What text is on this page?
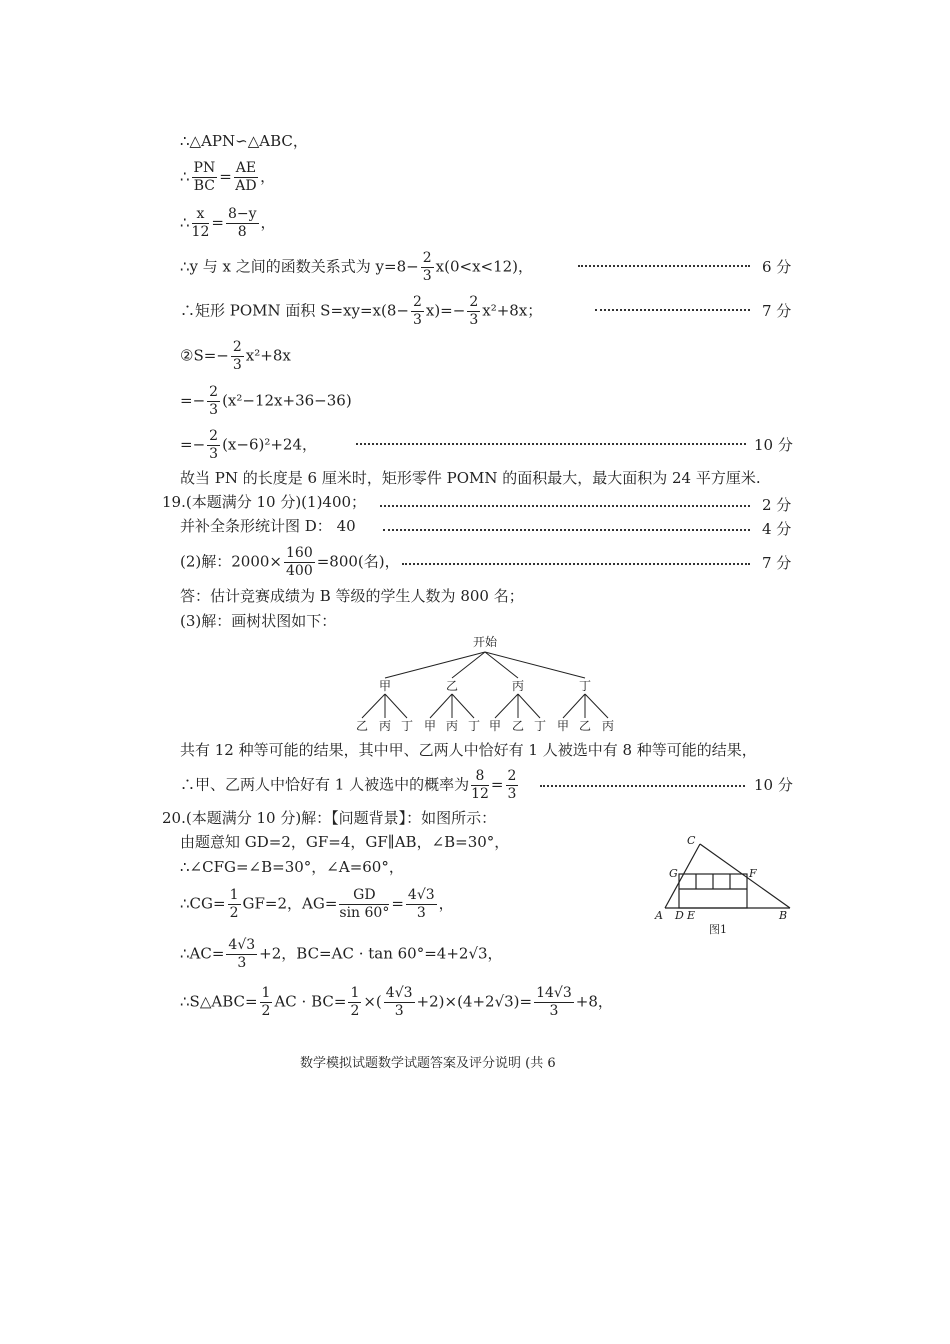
∴△APN∽△ABC，
∴ $\frac{PN}{BC} = \frac{AE}{AD}$ ，
∴ $\frac{x}{12} = \frac{8-y}{8}$ ，
∴y 与 x 之间的函数关系式为 $y=8- \frac{2}{3} x(0<x<12)$，	6 分
∴矩形 POMN 面积 $S=xy=x(8- \frac{2}{3} x)=- \frac{2}{3} x^2+8x$；	7 分
②S=− $\frac{2}{3} x^2+8x$
=− $\frac{2}{3} (x^2-12x+36-36)$
=− $\frac{2}{3} (x-6)^2+24$，	10 分
故当 PN 的长度是 6 厘米时，矩形零件 POMN 的面积最大，最大面积为 24 平方厘米.
19.(本题满分 10 分)(1)400；	2 分
并补全条形统计图 D： 40	4 分
(2)解：$2000\times \frac{160}{400} =800$(名)，	7 分
答：估计竞赛成绩为 B 等级的学生人数为 800 名；
(3)解：画树状图如下：
开始
甲	乙	丙	丁
乙 丙 丁 甲 丙 丁 甲 乙 丁 甲 乙 丙
共有 12 种等可能的结果，其中甲、乙两人中恰好有 1 人被选中有 8 种等可能的结果，
∴甲、乙两人中恰好有 1 人被选中的概率为 $\frac{8}{12} = \frac{2}{3}$	10 分
20.(本题满分 10 分)解：【问题背景】：如图所示：
由题意知 GD=2，GF=4，GF∥AB，∠B=30°，
∴∠CFG=∠B=30°，∠A=60°，
∴CG= $\frac{1}{2} GF=2$，$AG= \frac{GD}{\sin 60^\circ} = \frac{4√3}{3}$ ，
∴AC= $\frac{4√3}{3} +2$，BC=AC · tan 60°=4+2√3，
∴S△ABC= $\frac{1}{2}$ AC · $BC= \frac{1}{2}$ ×( $\frac{4√3}{3} +2)\times(4+2√3)= \frac{14√3}{3} +8$，
C
G	F
A D E	B
图1
数学模拟试题数学试题答案及评分说明 (共 6
